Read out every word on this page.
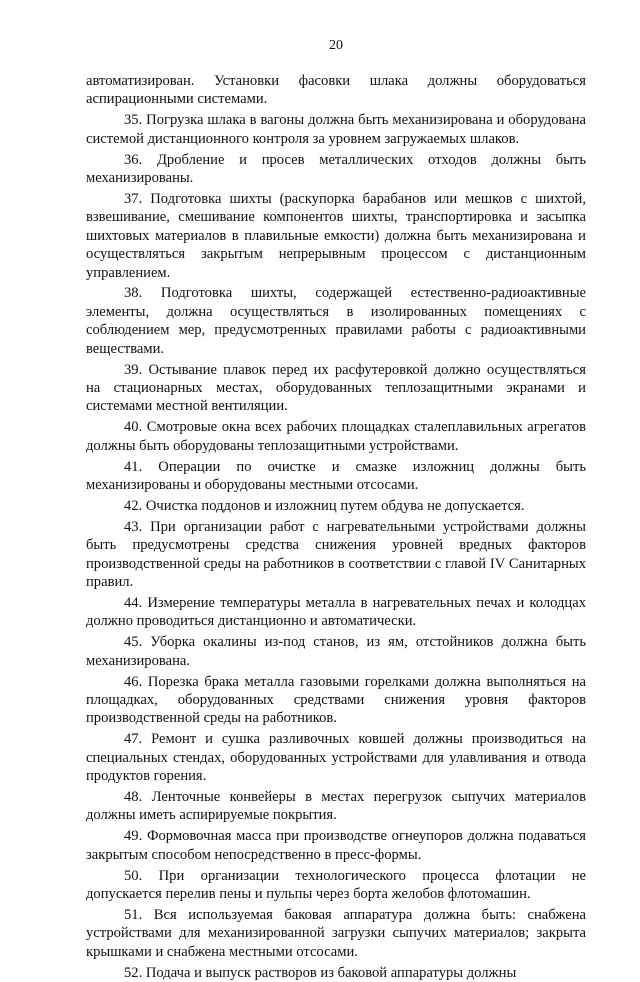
20

автоматизирован. Установки фасовки шлака должны оборудоваться аспирационными системами.

35. Погрузка шлака в вагоны должна быть механизирована и оборудована системой дистанционного контроля за уровнем загружаемых шлаков.

36. Дробление и просев металлических отходов должны быть механизированы.

37. Подготовка шихты (раскупорка барабанов или мешков с шихтой, взвешивание, смешивание компонентов шихты, транспортировка и засыпка шихтовых материалов в плавильные емкости) должна быть механизирована и осуществляться закрытым непрерывным процессом с дистанционным управлением.

38. Подготовка шихты, содержащей естественно-радиоактивные элементы, должна осуществляться в изолированных помещениях с соблюдением мер, предусмотренных правилами работы с радиоактивными веществами.

39. Остывание плавок перед их расфутеровкой должно осуществляться на стационарных местах, оборудованных теплозащитными экранами и системами местной вентиляции.

40. Смотровые окна всех рабочих площадках сталеплавильных агрегатов должны быть оборудованы теплозащитными устройствами.

41. Операции по очистке и смазке изложниц должны быть механизированы и оборудованы местными отсосами.

42. Очистка поддонов и изложниц путем обдува не допускается.

43. При организации работ с нагревательными устройствами должны быть предусмотрены средства снижения уровней вредных факторов производственной среды на работников в соответствии с главой IV Санитарных правил.

44. Измерение температуры металла в нагревательных печах и колодцах должно проводиться дистанционно и автоматически.

45. Уборка окалины из-под станов, из ям, отстойников должна быть механизирована.

46. Порезка брака металла газовыми горелками должна выполняться на площадках, оборудованных средствами снижения уровня факторов производственной среды на работников.

47. Ремонт и сушка разливочных ковшей должны производиться на специальных стендах, оборудованных устройствами для улавливания и отвода продуктов горения.

48. Ленточные конвейеры в местах перегрузок сыпучих материалов должны иметь аспирируемые покрытия.

49. Формовочная масса при производстве огнеупоров должна подаваться закрытым способом непосредственно в пресс-формы.

50. При организации технологического процесса флотации не допускается перелив пены и пульпы через борта желобов флотомашин.

51. Вся используемая баковая аппаратура должна быть: снабжена устройствами для механизированной загрузки сыпучих материалов; закрыта крышками и снабжена местными отсосами.

52. Подача и выпуск растворов из баковой аппаратуры должны
